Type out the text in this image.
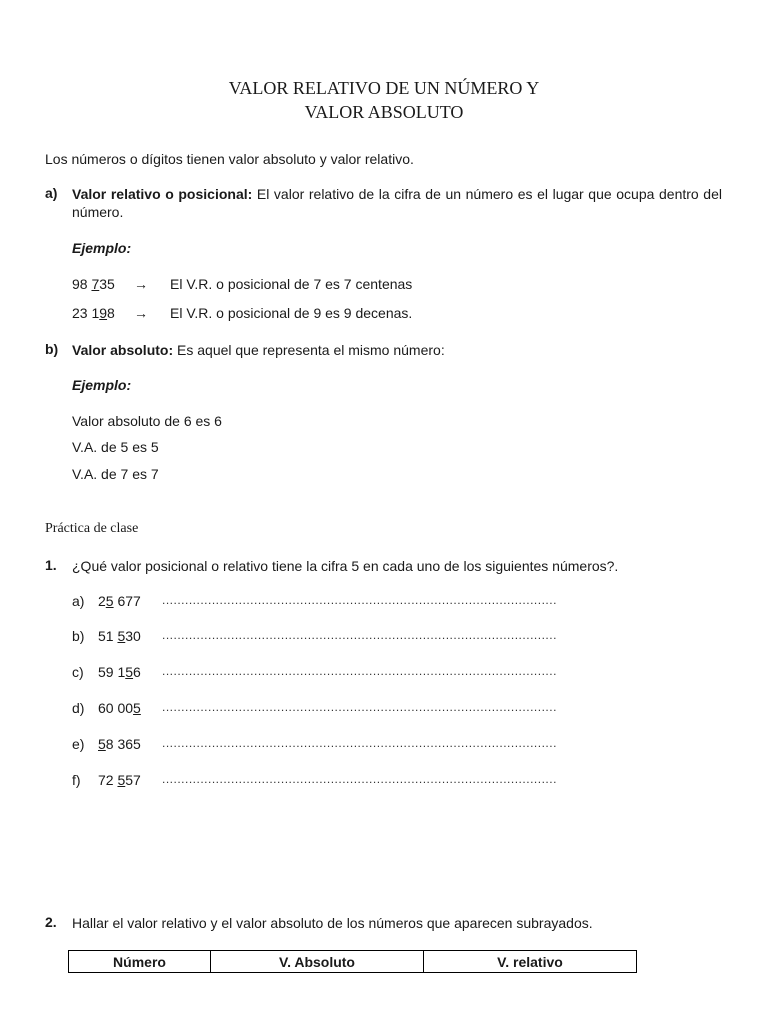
VALOR RELATIVO DE UN NÚMERO Y
VALOR ABSOLUTO
Los números o dígitos tienen valor absoluto y valor relativo.
a) Valor relativo o posicional: El valor relativo de la cifra de un número es el lugar que ocupa dentro del número.
Ejemplo:
98 735 → El V.R. o posicional de 7 es 7 centenas
23 198 → El V.R. o posicional de 9 es 9 decenas.
b) Valor absoluto: Es aquel que representa el mismo número:
Ejemplo:
Valor absoluto de 6 es 6
V.A. de 5 es 5
V.A. de 7 es 7
Práctica de clase
1. ¿Qué valor posicional o relativo tiene la cifra 5 en cada uno de los siguientes números?.
a) 25 677 .......................................................................................................
b) 51 530 .......................................................................................................
c) 59 156 .......................................................................................................
d) 60 005 .......................................................................................................
e) 58 365 .......................................................................................................
f) 72 557 .......................................................................................................
2. Hallar el valor relativo y el valor absoluto de los números que aparecen subrayados.
Número	V. Absoluto	V. relativo
